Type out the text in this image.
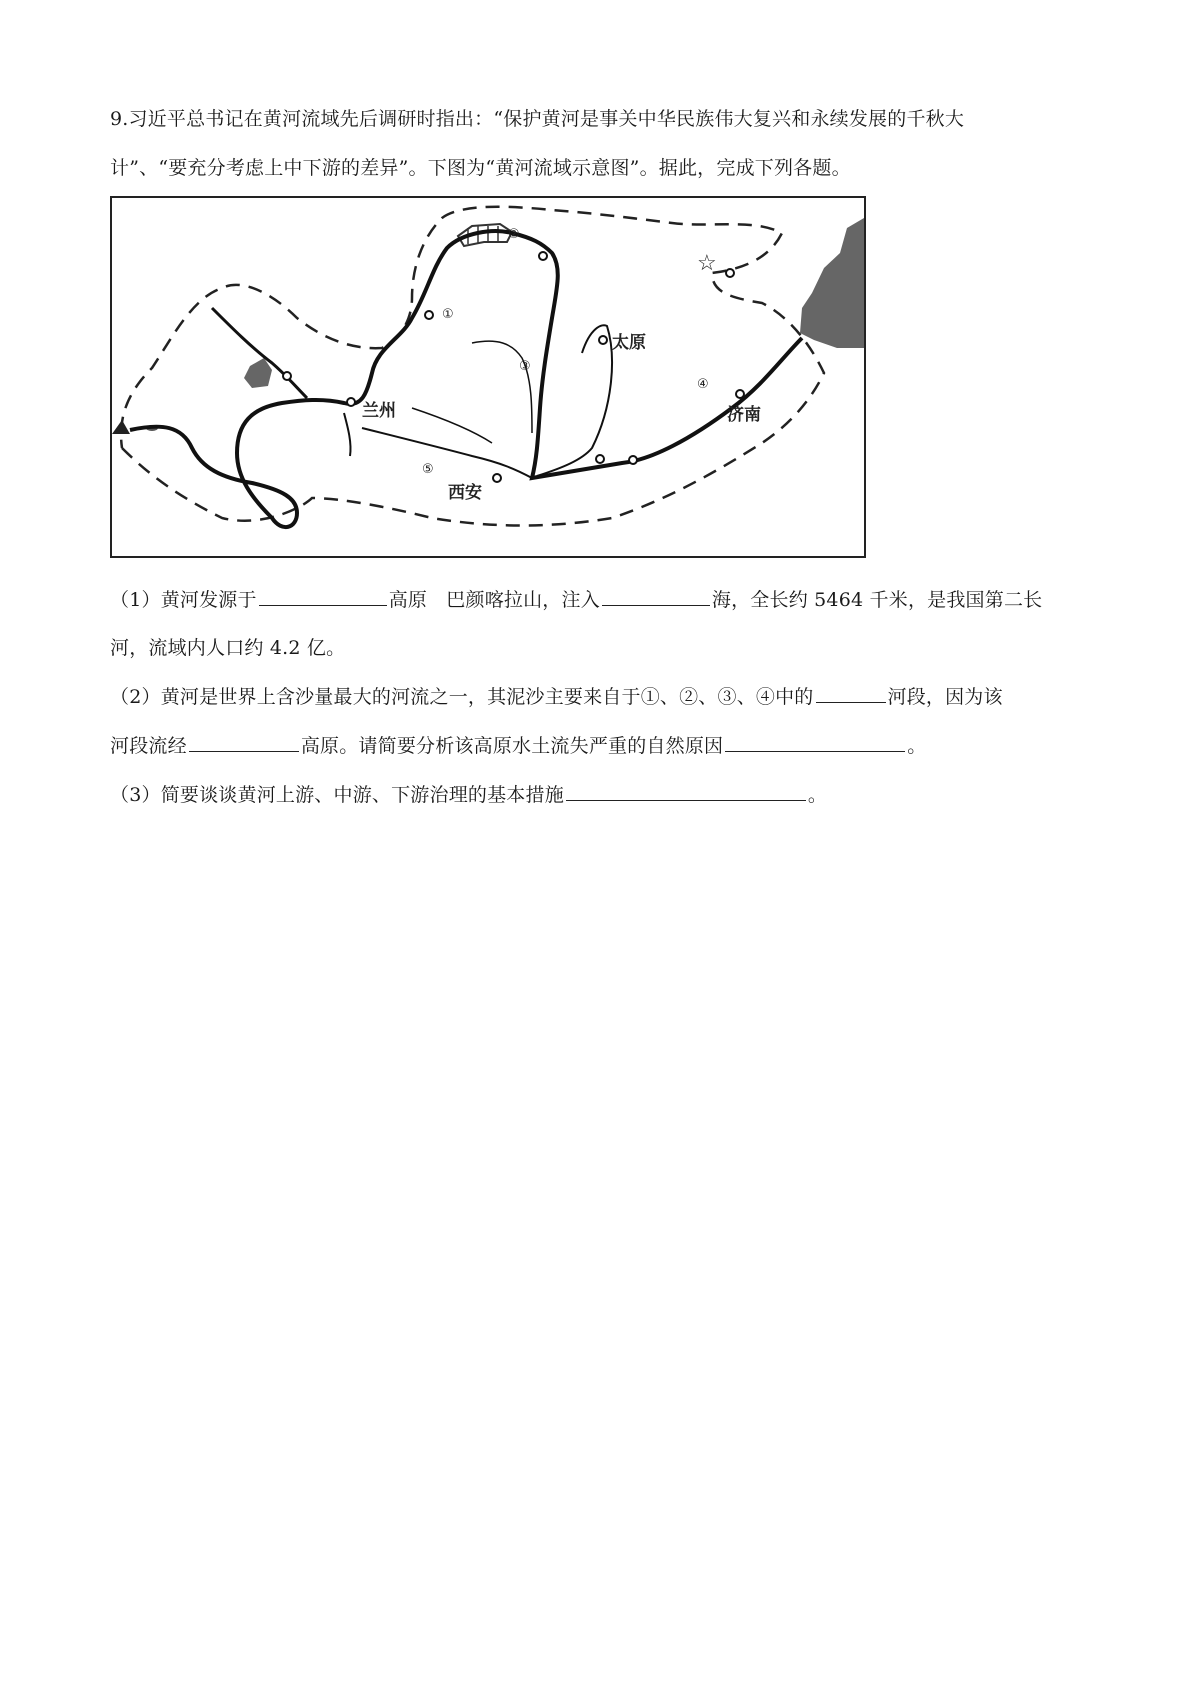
9.习近平总书记在黄河流域先后调研时指出：“保护黄河是事关中华民族伟大复兴和永续发展的千秋大
计”、“要充分考虑上中下游的差异”。下图为“黄河流域示意图”。据此，完成下列各题。
☆
兰州
太原
西安
济南
①
②
③
④
⑤
（1）黄河发源于	高原　巴颜喀拉山，注入	海，全长约 5464 千米，是我国第二长
河，流域内人口约 4.2 亿。
（2）黄河是世界上含沙量最大的河流之一，其泥沙主要来自于①、②、③、④中的	河段，因为该
河段流经	高原。请简要分析该高原水土流失严重的自然原因	。
（3）简要谈谈黄河上游、中游、下游治理的基本措施	。
